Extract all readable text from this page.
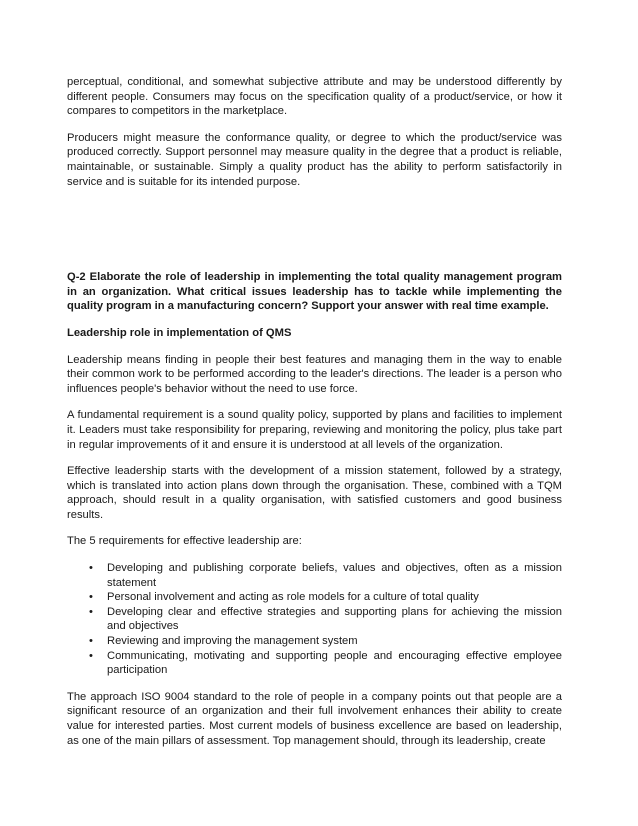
perceptual, conditional, and somewhat subjective attribute and may be understood differently by different people. Consumers may focus on the specification quality of a product/service, or how it compares to competitors in the marketplace.

Producers might measure the conformance quality, or degree to which the product/service was produced correctly. Support personnel may measure quality in the degree that a product is reliable, maintainable, or sustainable. Simply a quality product has the ability to perform satisfactorily in service and is suitable for its intended purpose.

Q-2 Elaborate the role of leadership in implementing the total quality management program in an organization. What critical issues leadership has to tackle while implementing the quality program in a manufacturing concern? Support your answer with real time example.

Leadership role in implementation of QMS

Leadership means finding in people their best features and managing them in the way to enable their common work to be performed according to the leader's directions. The leader is a person who influences people's behavior without the need to use force.

A fundamental requirement is a sound quality policy, supported by plans and facilities to implement it. Leaders must take responsibility for preparing, reviewing and monitoring the policy, plus take part in regular improvements of it and ensure it is understood at all levels of the organization.

Effective leadership starts with the development of a mission statement, followed by a strategy, which is translated into action plans down through the organisation. These, combined with a TQM approach, should result in a quality organisation, with satisfied customers and good business results.

The 5 requirements for effective leadership are:

• Developing and publishing corporate beliefs, values and objectives, often as a mission statement
• Personal involvement and acting as role models for a culture of total quality
• Developing clear and effective strategies and supporting plans for achieving the mission and objectives
• Reviewing and improving the management system
• Communicating, motivating and supporting people and encouraging effective employee participation

The approach ISO 9004 standard to the role of people in a company points out that people are a significant resource of an organization and their full involvement enhances their ability to create value for interested parties. Most current models of business excellence are based on leadership, as one of the main pillars of assessment. Top management should, through its leadership, create
